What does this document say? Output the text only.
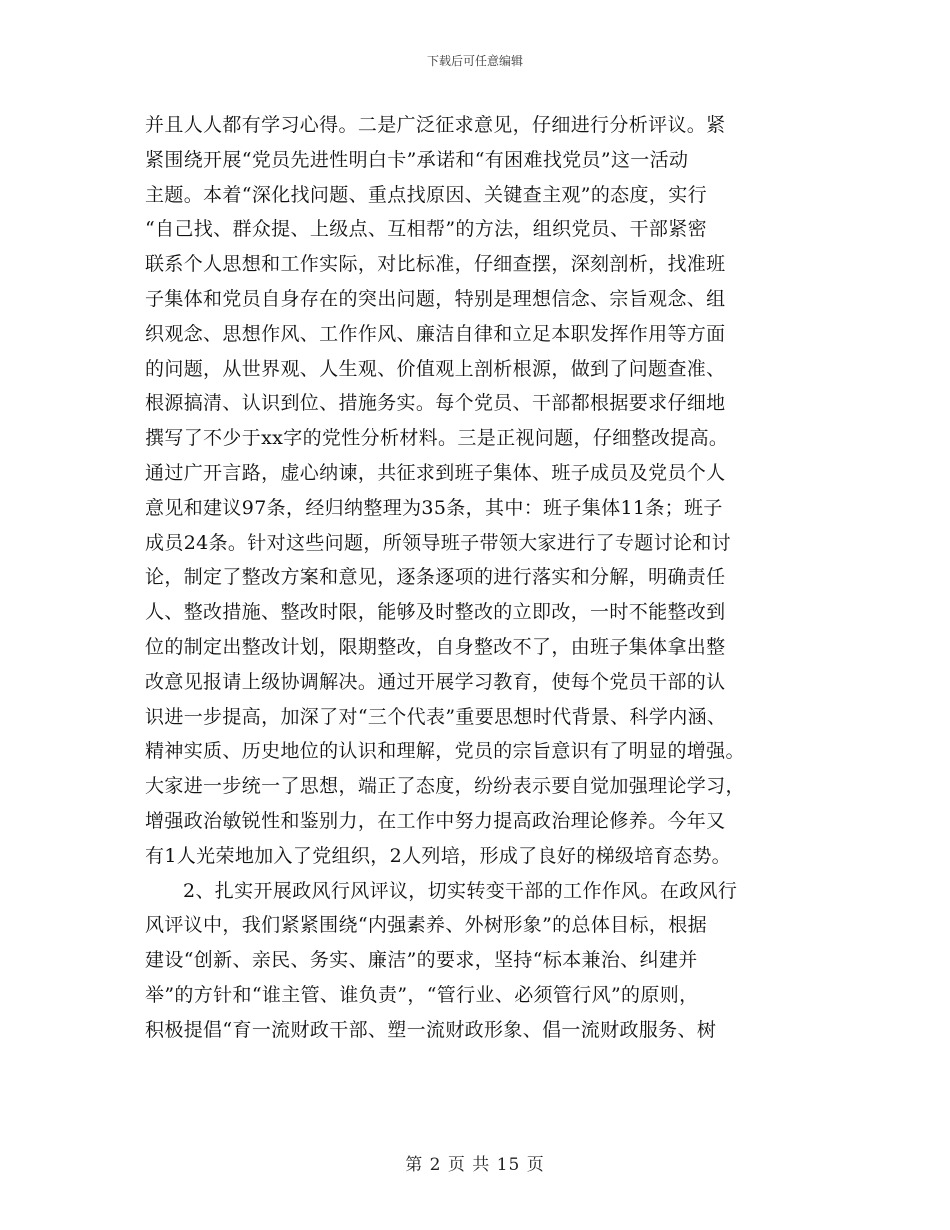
下载后可任意编辑
并且人人都有学习心得。二是广泛征求意见，仔细进行分析评议。紧
紧围绕开展“党员先进性明白卡”承诺和“有困难找党员”这一活动
主题。本着“深化找问题、重点找原因、关键查主观”的态度，实行
“自己找、群众提、上级点、互相帮”的方法，组织党员、干部紧密
联系个人思想和工作实际，对比标准，仔细查摆，深刻剖析，找准班
子集体和党员自身存在的突出问题，特别是理想信念、宗旨观念、组
织观念、思想作风、工作作风、廉洁自律和立足本职发挥作用等方面
的问题，从世界观、人生观、价值观上剖析根源，做到了问题查准、
根源搞清、认识到位、措施务实。每个党员、干部都根据要求仔细地
撰写了不少于xx字的党性分析材料。三是正视问题，仔细整改提高。
通过广开言路，虚心纳谏，共征求到班子集体、班子成员及党员个人
意见和建议97条，经归纳整理为35条，其中：班子集体11条；班子
成员24条。针对这些问题，所领导班子带领大家进行了专题讨论和讨
论，制定了整改方案和意见，逐条逐项的进行落实和分解，明确责任
人、整改措施、整改时限，能够及时整改的立即改，一时不能整改到
位的制定出整改计划，限期整改，自身整改不了，由班子集体拿出整
改意见报请上级协调解决。通过开展学习教育，使每个党员干部的认
识进一步提高，加深了对“三个代表”重要思想时代背景、科学内涵、
精神实质、历史地位的认识和理解，党员的宗旨意识有了明显的增强。
大家进一步统一了思想，端正了态度，纷纷表示要自觉加强理论学习，
增强政治敏锐性和鉴别力，在工作中努力提高政治理论修养。今年又
有1人光荣地加入了党组织，2人列培，形成了良好的梯级培育态势。
2、扎实开展政风行风评议，切实转变干部的工作作风。在政风行
风评议中，我们紧紧围绕“内强素养、外树形象”的总体目标，根据
建设“创新、亲民、务实、廉洁”的要求，坚持“标本兼治、纠建并
举”的方针和“谁主管、谁负责”，“管行业、必须管行风”的原则，
积极提倡“育一流财政干部、塑一流财政形象、倡一流财政服务、树
第 2 页 共 15 页
